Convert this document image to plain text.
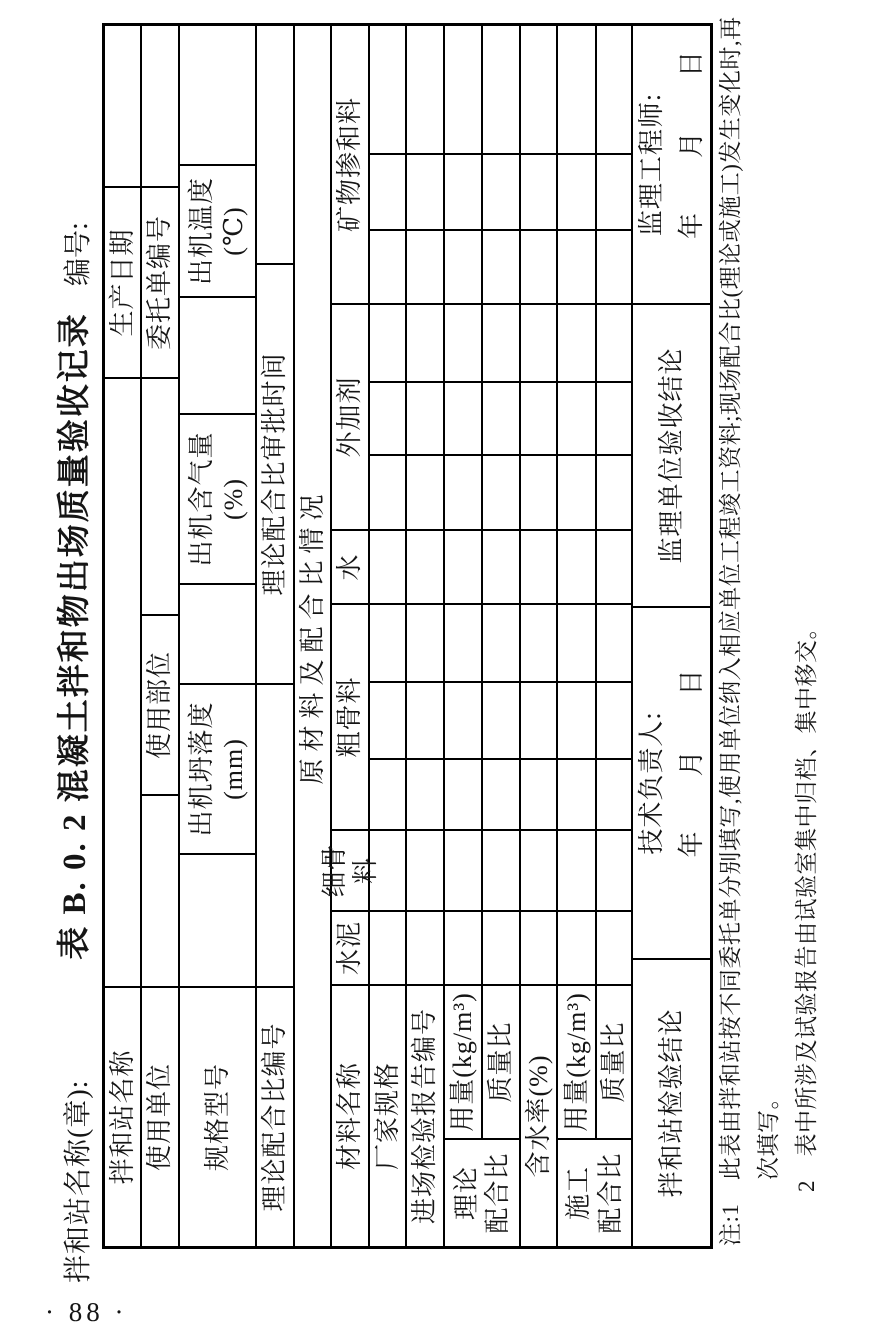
拌和站名称(章):
表 B. 0. 2 混凝土拌和物出场质量验收记录
编号:
拌和站名称
生产日期
使用单位
使用部位
委托单编号
规格型号
出机坍落度 (mm)
出机含气量 (%)
出机温度 (℃)
理论配合比编号
理论配合比审批时间
原材料及配合比情况
材料名称
水泥
细骨料
粗骨料
水
外加剂
矿物掺和料
厂家规格 进场检验报告编号 理论 配合比
用量(kg/m³) 质量比 含水率(%)
施工 配合比
用量(kg/m³) 质量比	拌和站检验结论
技术负责人: 年　　月　　日
监理单位验收结论
监理工程师: 年　　月　　日 注:1　此表由拌和站按不同委托单分别填写,使用单位纳入相应单位工程竣工资料;现场配合比(理论或施工)发生变化时,再 次填写。 2　表中所涉及试验报告由试验室集中归档、集中移交。
· 88 ·
